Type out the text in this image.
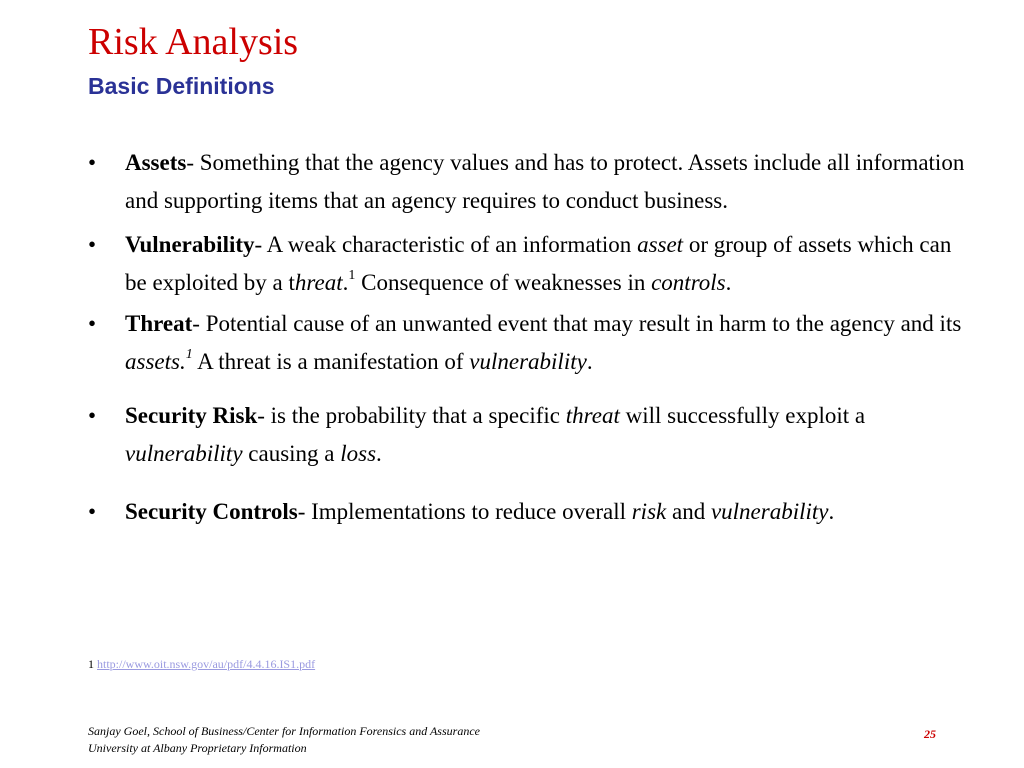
Risk Analysis
Basic Definitions
• Assets- Something that the agency values and has to protect. Assets include all information and supporting items that an agency requires to conduct business.
• Vulnerability- A weak characteristic of an information asset or group of assets which can be exploited by a threat.$^1$ Consequence of weaknesses in controls.
• Threat- Potential cause of an unwanted event that may result in harm to the agency and its assets.$^1$ A threat is a manifestation of vulnerability.
• Security Risk- is the probability that a specific threat will successfully exploit a vulnerability causing a loss.
• Security Controls- Implementations to reduce overall risk and vulnerability.
1 http://www.oit.nsw.gov/au/pdf/4.4.16.IS1.pdf
Sanjay Goel, School of Business/Center for Information Forensics and Assurance
University at Albany Proprietary Information
25
